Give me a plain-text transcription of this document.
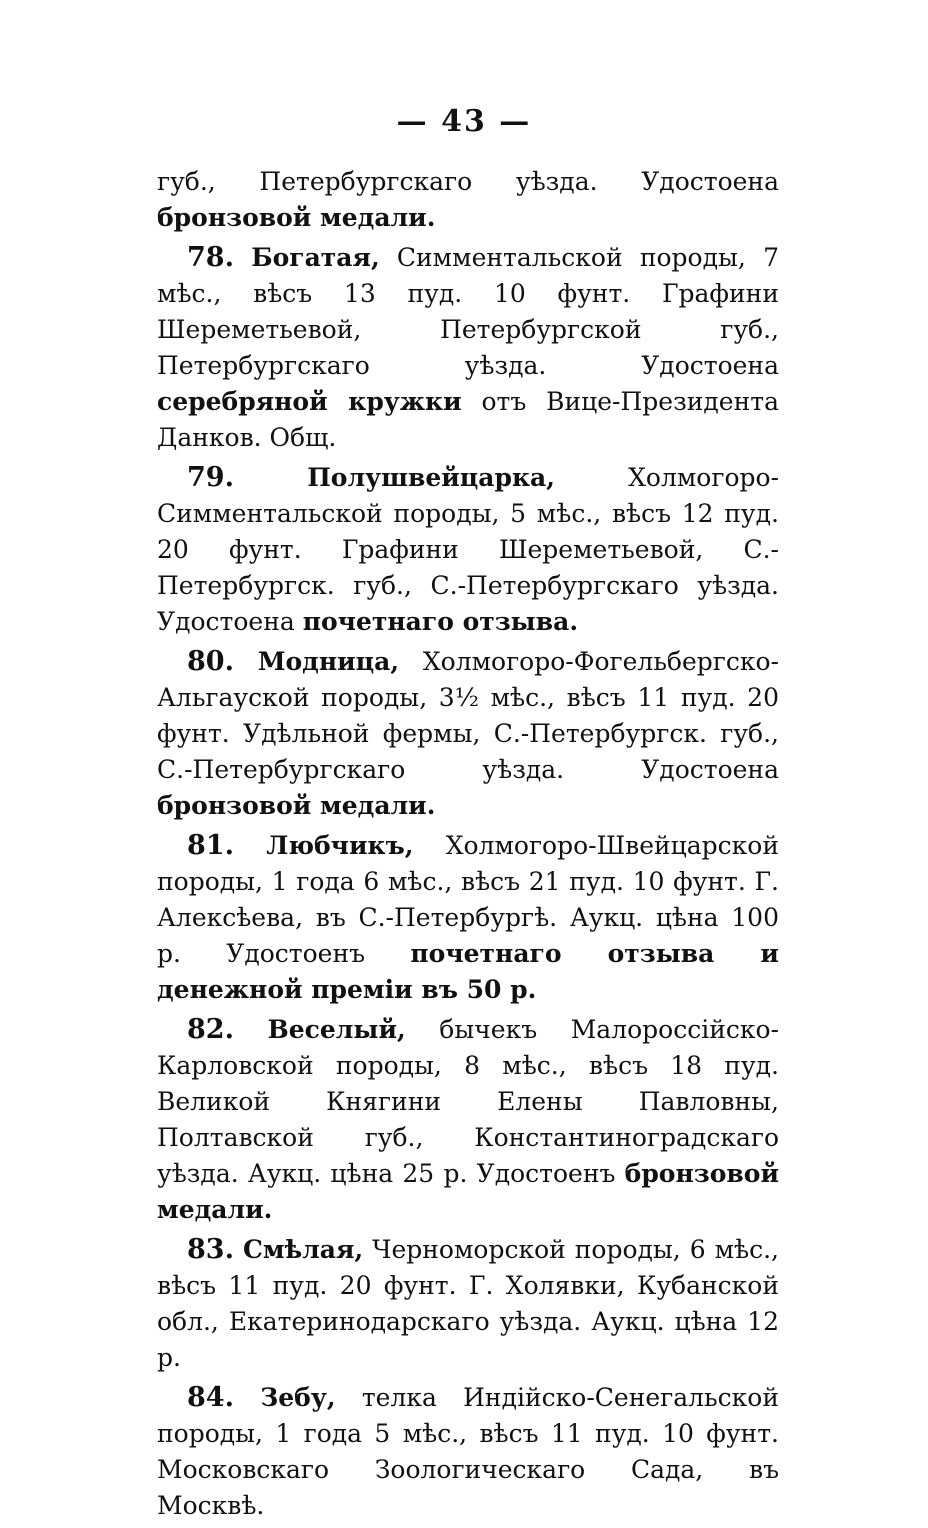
— 43 —

губ., Петербургскаго уѣзда. Удостоена бронзовой медали.

78. Богатая, Симментальской породы, 7 мѣс., вѣсъ 13 пуд. 10 фунт. Графини Шереметьевой, Петербургской губ., Петербургскаго уѣзда. Удостоена серебряной кружки отъ Вице-Президента Данков. Общ.

79.	Полушвейцарка, Холмогоро-Симментальской породы, 5 мѣс., вѣсъ 12 пуд. 20 фунт. Графини Шереметьевой, С.-Петербургск. губ., С.-Петербургскаго уѣзда. Удостоена почетнаго отзыва.

80. Модница, Холмогоро-Фогельбергско-Альгауской породы, 3½ мѣс., вѣсъ 11 пуд. 20 фунт. Удѣльной фермы, С.-Петербургск. губ., С.-Петербургскаго уѣзда. Удостоена бронзовой медали.

81. Любчикъ, Холмогоро-Швейцарской породы, 1 года 6 мѣс., вѣсъ 21 пуд. 10 фунт. Г. Алексѣева, въ С.-Петербургѣ. Аукц. цѣна 100 р. Удостоенъ почетнаго отзыва и денежной преміи въ 50 р.

82. Веселый, бычекъ Малороссійско-Карловской породы, 8 мѣс., вѣсъ 18 пуд. Великой Княгини Елены Павловны, Полтавской губ., Константиноградскаго уѣзда. Аукц. цѣна 25 р. Удостоенъ бронзовой медали.

83. Смѣлая, Черноморской породы, 6 мѣс., вѣсъ 11 пуд. 20 фунт. Г. Холявки, Кубанской обл., Екатеринодарскаго уѣзда. Аукц. цѣна 12 р.

84. Зебу, телка Индійско-Сенегальской породы, 1 года 5 мѣс., вѣсъ 11 пуд. 10 фунт. Московскаго Зоологическаго Сада, въ Москвѣ.
